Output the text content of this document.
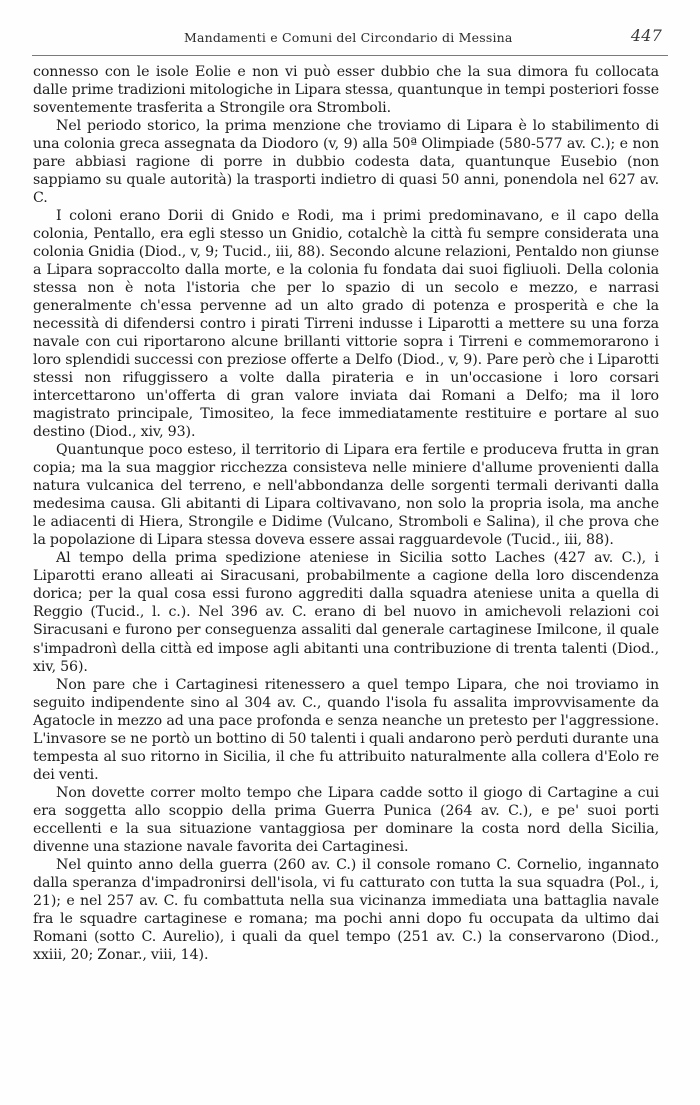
Mandamenti e Comuni del Circondario di Messina	447

connesso con le isole Eolie e non vi può esser dubbio che la sua dimora fu collocata dalle prime tradizioni mitologiche in Lipara stessa, quantunque in tempi posteriori fosse soventemente trasferita a Strongile ora Stromboli.

Nel periodo storico, la prima menzione che troviamo di Lipara è lo stabilimento di una colonia greca assegnata da Diodoro (v, 9) alla 50ª Olimpiade (580-577 av. C.); e non pare abbiasi ragione di porre in dubbio codesta data, quantunque Eusebio (non sappiamo su quale autorità) la trasporti indietro di quasi 50 anni, ponendola nel 627 av. C.

I coloni erano Dorii di Gnido e Rodi, ma i primi predominavano, e il capo della colonia, Pentallo, era egli stesso un Gnidio, cotalchè la città fu sempre considerata una colonia Gnidia (Diod., v, 9; Tucid., iii, 88). Secondo alcune relazioni, Pentaldo non giunse a Lipara sopraccolto dalla morte, e la colonia fu fondata dai suoi figliuoli. Della colonia stessa non è nota l'istoria che per lo spazio di un secolo e mezzo, e narrasi generalmente ch'essa pervenne ad un alto grado di potenza e prosperità e che la necessità di difendersi contro i pirati Tirreni indusse i Liparotti a mettere su una forza navale con cui riportarono alcune brillanti vittorie sopra i Tirreni e commemorarono i loro splendidi successi con preziose offerte a Delfo (Diod., v, 9). Pare però che i Liparotti stessi non rifuggissero a volte dalla pirateria e in un'occasione i loro corsari intercettarono un'offerta di gran valore inviata dai Romani a Delfo; ma il loro magistrato principale, Timositeo, la fece immediatamente restituire e portare al suo destino (Diod., xiv, 93).

Quantunque poco esteso, il territorio di Lipara era fertile e produceva frutta in gran copia; ma la sua maggior ricchezza consisteva nelle miniere d'allume provenienti dalla natura vulcanica del terreno, e nell'abbondanza delle sorgenti termali derivanti dalla medesima causa. Gli abitanti di Lipara coltivavano, non solo la propria isola, ma anche le adiacenti di Hiera, Strongile e Didime (Vulcano, Stromboli e Salina), il che prova che la popolazione di Lipara stessa doveva essere assai ragguardevole (Tucid., iii, 88).

Al tempo della prima spedizione ateniese in Sicilia sotto Laches (427 av. C.), i Liparotti erano alleati ai Siracusani, probabilmente a cagione della loro discendenza dorica; per la qual cosa essi furono aggrediti dalla squadra ateniese unita a quella di Reggio (Tucid., l. c.). Nel 396 av. C. erano di bel nuovo in amichevoli relazioni coi Siracusani e furono per conseguenza assaliti dal generale cartaginese Imilcone, il quale s'impadronì della città ed impose agli abitanti una contribuzione di trenta talenti (Diod., xiv, 56).

Non pare che i Cartaginesi ritenessero a quel tempo Lipara, che noi troviamo in seguito indipendente sino al 304 av. C., quando l'isola fu assalita improvvisamente da Agatocle in mezzo ad una pace profonda e senza neanche un pretesto per l'aggressione. L'invasore se ne portò un bottino di 50 talenti i quali andarono però perduti durante una tempesta al suo ritorno in Sicilia, il che fu attribuito naturalmente alla collera d'Eolo re dei venti.

Non dovette correr molto tempo che Lipara cadde sotto il giogo di Cartagine a cui era soggetta allo scoppio della prima Guerra Punica (264 av. C.), e pe' suoi porti eccellenti e la sua situazione vantaggiosa per dominare la costa nord della Sicilia, divenne una stazione navale favorita dei Cartaginesi.

Nel quinto anno della guerra (260 av. C.) il console romano C. Cornelio, ingannato dalla speranza d'impadronirsi dell'isola, vi fu catturato con tutta la sua squadra (Pol., i, 21); e nel 257 av. C. fu combattuta nella sua vicinanza immediata una battaglia navale fra le squadre cartaginese e romana; ma pochi anni dopo fu occupata da ultimo dai Romani (sotto C. Aurelio), i quali da quel tempo (251 av. C.) la conservarono (Diod., xxiii, 20; Zonar., viii, 14).
